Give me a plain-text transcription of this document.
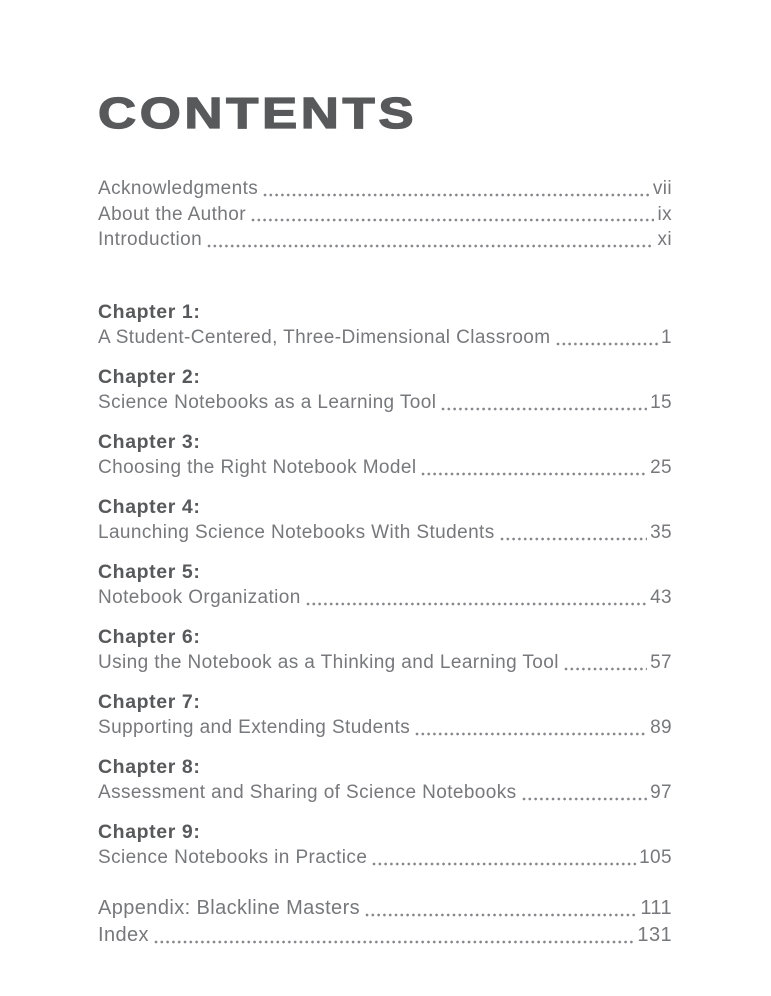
CONTENTS
Acknowledgments	vii
About the Author	ix
Introduction	xi
Chapter 1:
A Student-Centered, Three-Dimensional Classroom	1
Chapter 2:
Science Notebooks as a Learning Tool	15
Chapter 3:
Choosing the Right Notebook Model	25
Chapter 4:
Launching Science Notebooks With Students	35
Chapter 5:
Notebook Organization	43
Chapter 6:
Using the Notebook as a Thinking and Learning Tool	57
Chapter 7:
Supporting and Extending Students	89
Chapter 8:
Assessment and Sharing of Science Notebooks	97
Chapter 9:
Science Notebooks in Practice	105
Appendix: Blackline Masters	111
Index	131
